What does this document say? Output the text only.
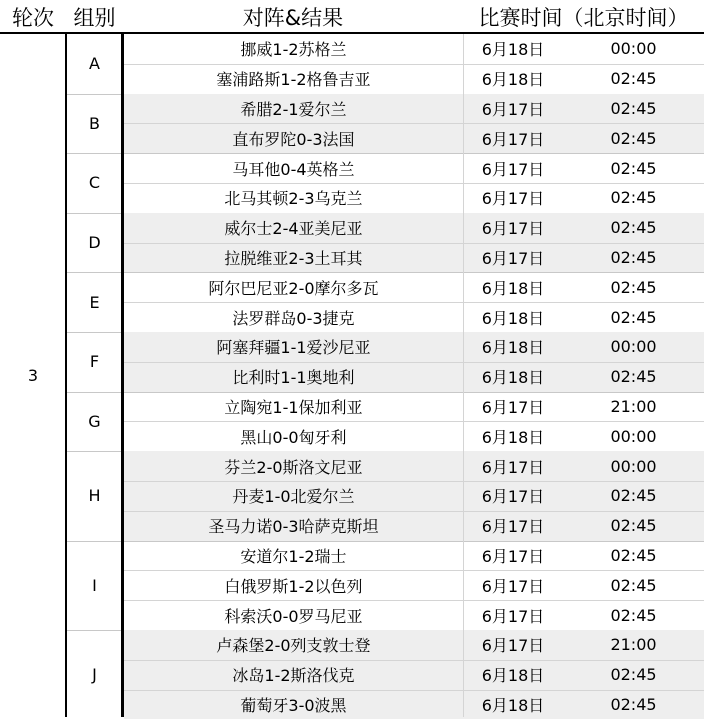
轮次 组别	对阵&结果	比赛时间（北京时间）
3
A
挪威1-2苏格兰	6月18日	00:00
塞浦路斯1-2格鲁吉亚	6月18日	02:45
B
希腊2-1爱尔兰	6月17日	02:45
直布罗陀0-3法国	6月17日	02:45
C
马耳他0-4英格兰	6月17日	02:45
北马其顿2-3乌克兰	6月17日	02:45
D
威尔士2-4亚美尼亚	6月17日	02:45
拉脱维亚2-3土耳其	6月17日	02:45
E
阿尔巴尼亚2-0摩尔多瓦	6月18日	02:45
法罗群岛0-3捷克	6月18日	02:45
F
阿塞拜疆1-1爱沙尼亚	6月18日	00:00
比利时1-1奥地利	6月18日	02:45
G
立陶宛1-1保加利亚	6月17日	21:00
黑山0-0匈牙利	6月18日	00:00
H
芬兰2-0斯洛文尼亚	6月17日	00:00
丹麦1-0北爱尔兰	6月17日	02:45
圣马力诺0-3哈萨克斯坦	6月17日	02:45
I
安道尔1-2瑞士	6月17日	02:45
白俄罗斯1-2以色列	6月17日	02:45
科索沃0-0罗马尼亚	6月17日	02:45
J
卢森堡2-0列支敦士登	6月17日	21:00
冰岛1-2斯洛伐克	6月18日	02:45
葡萄牙3-0波黑	6月18日	02:45
